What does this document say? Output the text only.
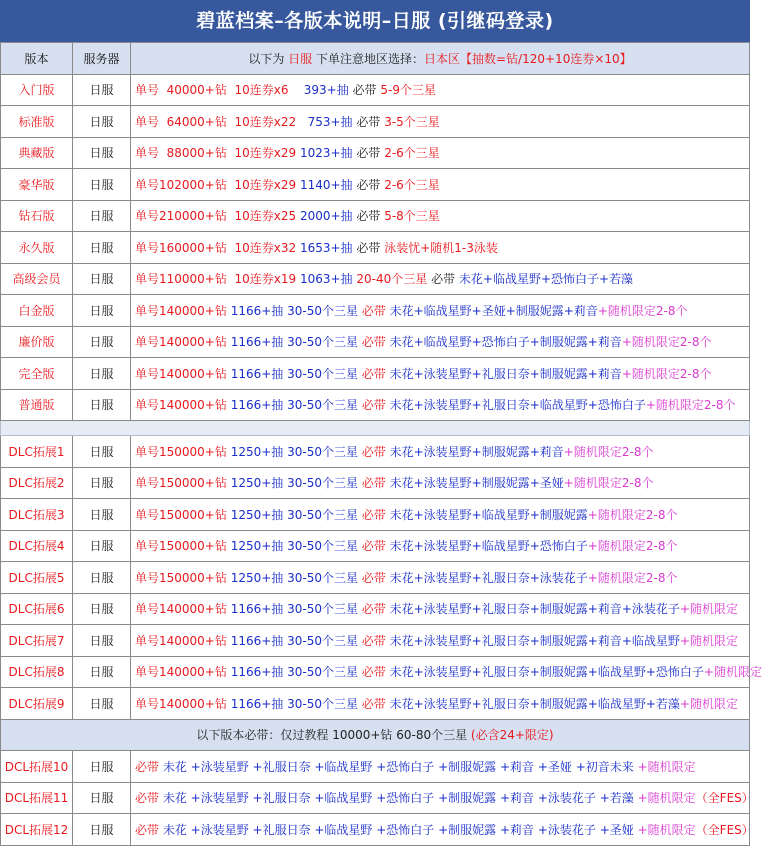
碧蓝档案–各版本说明–日服 (引继码登录)
版本	服务器	以下为 日服 下单注意地区选择：日本区【抽数=钻/120+10连券×10】
入门版	日服	单号  40000+钻  10连券x6    393+抽 必带 5-9个三星
标准版	日服	单号  64000+钻  10连券x22   753+抽 必带 3-5个三星
典藏版	日服	单号  88000+钻  10连券x29 1023+抽 必带 2-6个三星
豪华版	日服	单号102000+钻  10连券x29 1140+抽 必带 2-6个三星
钻石版	日服	单号210000+钻  10连券x25 2000+抽 必带 5-8个三星
永久版	日服	单号160000+钻  10连券x32 1653+抽 必带 泳装忧+随机1-3泳装
高级会员	日服	单号110000+钻  10连券x19 1063+抽 20-40个三星 必带 未花+临战星野+恐怖白子+若藻
白金版	日服	单号140000+钻 1166+抽 30-50个三星 必带 未花+临战星野+圣娅+制服妮露+莉音+随机限定2-8个
廉价版	日服	单号140000+钻 1166+抽 30-50个三星 必带 未花+临战星野+恐怖白子+制服妮露+莉音+随机限定2-8个
完全版	日服	单号140000+钻 1166+抽 30-50个三星 必带 未花+泳装星野+礼服日奈+制服妮露+莉音+随机限定2-8个
普通版	日服	单号140000+钻 1166+抽 30-50个三星 必带 未花+泳装星野+礼服日奈+临战星野+恐怖白子+随机限定2-8个

DLC拓展1	日服	单号150000+钻 1250+抽 30-50个三星 必带 未花+泳装星野+制服妮露+莉音+随机限定2-8个
DLC拓展2	日服	单号150000+钻 1250+抽 30-50个三星 必带 未花+泳装星野+制服妮露+圣娅+随机限定2-8个
DLC拓展3	日服	单号150000+钻 1250+抽 30-50个三星 必带 未花+泳装星野+临战星野+制服妮露+随机限定2-8个
DLC拓展4	日服	单号150000+钻 1250+抽 30-50个三星 必带 未花+泳装星野+临战星野+恐怖白子+随机限定2-8个
DLC拓展5	日服	单号150000+钻 1250+抽 30-50个三星 必带 未花+泳装星野+礼服日奈+泳装花子+随机限定2-8个
DLC拓展6	日服	单号140000+钻 1166+抽 30-50个三星 必带 未花+泳装星野+礼服日奈+制服妮露+莉音+泳装花子+随机限定
DLC拓展7	日服	单号140000+钻 1166+抽 30-50个三星 必带 未花+泳装星野+礼服日奈+制服妮露+莉音+临战星野+随机限定
DLC拓展8	日服	单号140000+钻 1166+抽 30-50个三星 必带 未花+泳装星野+礼服日奈+制服妮露+临战星野+恐怖白子+随机限定
DLC拓展9	日服	单号140000+钻 1166+抽 30-50个三星 必带 未花+泳装星野+礼服日奈+制服妮露+临战星野+若藻+随机限定
以下版本必带：仅过教程 10000+钻 60-80个三星 (必含24+限定)		
DCL拓展10	日服	必带 未花 +泳装星野 +礼服日奈 +临战星野 +恐怖白子 +制服妮露 +莉音 +圣娅 +初音未来 +随机限定
DCL拓展11	日服	必带 未花 +泳装星野 +礼服日奈 +临战星野 +恐怖白子 +制服妮露 +莉音 +泳装花子 +若藻 +随机限定（全FES）
DCL拓展12	日服	必带 未花 +泳装星野 +礼服日奈 +临战星野 +恐怖白子 +制服妮露 +莉音 +泳装花子 +圣娅 +随机限定（全FES）
